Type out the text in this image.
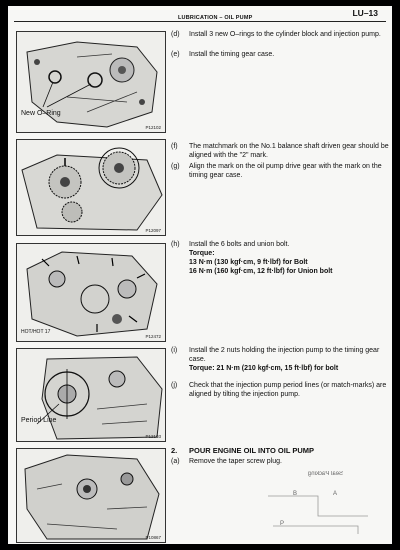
LU–13
LUBRICATION – OIL PUMP
New O–Ring
P12102
P12097
HOT/HOT 17
P12472
Period Line
P12103
P10867
(d) Install 3 new O–rings to the cylinder block and injection pump.
(e) Install the timing gear case.
(f) The matchmark on the No.1 balance shaft driven gear should be aligned with the "2" mark.
(g) Align the mark on the oil pump drive gear with the mark on the timing gear case.
(h) Install the 6 bolts and union bolt.
Torque:
13 N·m (130 kgf·cm, 9 ft·lbf) for Bolt
16 N·m (160 kgf·cm, 12 ft·lbf) for Union bolt
(i) Install the 2 nuts holding the injection pump to the timing gear case.
Torque: 21 N·m (210 kgf·cm, 15 ft·lbf) for bolt
(j) Check that the injection pump period lines (or match-marks) are aligned by tilting the injection pump.
2. POUR ENGINE OIL INTO OIL PUMP
(a) Remove the taper screw plug.
Seal Packing
B	A
P
